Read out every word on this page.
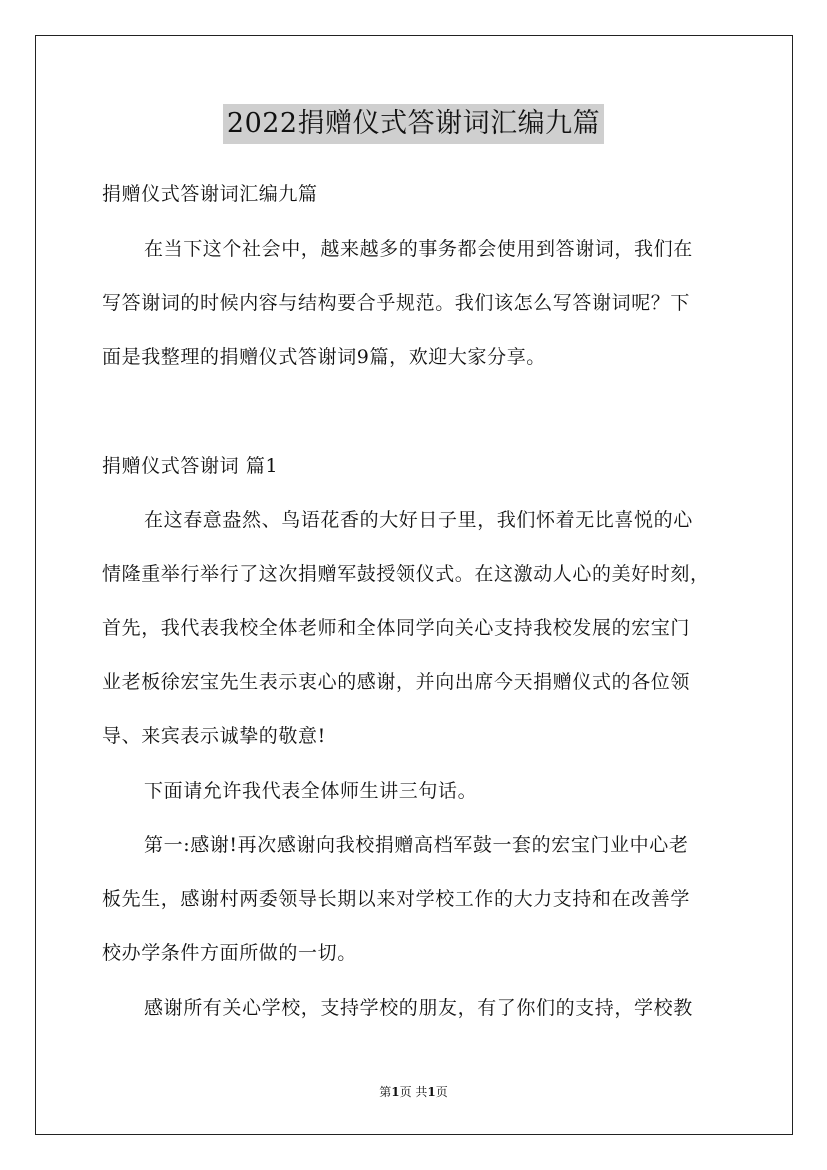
2022捐赠仪式答谢词汇编九篇
捐赠仪式答谢词汇编九篇
在当下这个社会中，越来越多的事务都会使用到答谢词，我们在
写答谢词的时候内容与结构要合乎规范。我们该怎么写答谢词呢？下
面是我整理的捐赠仪式答谢词9篇，欢迎大家分享。
捐赠仪式答谢词 篇1
在这春意盎然、鸟语花香的大好日子里，我们怀着无比喜悦的心
情隆重举行举行了这次捐赠军鼓授领仪式。在这激动人心的美好时刻，
首先，我代表我校全体老师和全体同学向关心支持我校发展的宏宝门
业老板徐宏宝先生表示衷心的感谢，并向出席今天捐赠仪式的各位领
导、来宾表示诚挚的敬意!
下面请允许我代表全体师生讲三句话。
第一:感谢!再次感谢向我校捐赠高档军鼓一套的宏宝门业中心老
板先生，感谢村两委领导长期以来对学校工作的大力支持和在改善学
校办学条件方面所做的一切。
感谢所有关心学校，支持学校的朋友，有了你们的支持，学校教
第1页 共1页
